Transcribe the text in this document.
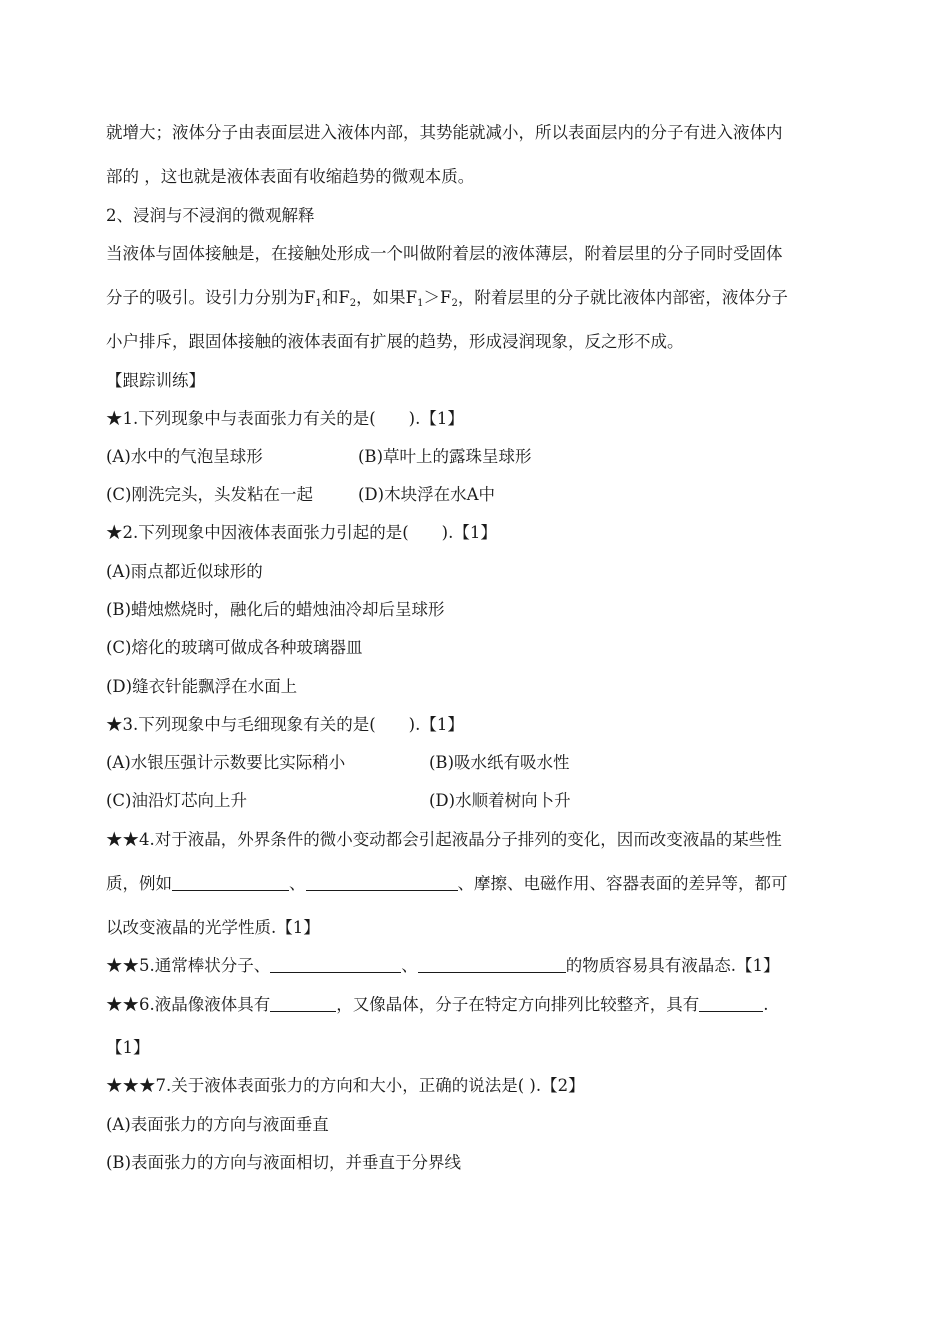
就增大；液体分子由表面层进入液体内部，其势能就减小，所以表面层内的分子有进入液体内
部的 ，这也就是液体表面有收缩趋势的微观本质。
2、浸润与不浸润的微观解释
当液体与固体接触是，在接触处形成一个叫做附着层的液体薄层，附着层里的分子同时受固体
分子的吸引。设引力分别为$F_1$和$F_2$，如果$F_1>F_2$，附着层里的分子就比液体内部密，液体分子
小户排斥，跟固体接触的液体表面有扩展的趋势，形成浸润现象，反之形不成。
【跟踪训练】
★1.下列现象中与表面张力有关的是(　　).【1】
(A)水中的气泡呈球形	(B)草叶上的露珠呈球形
(C)刚洗完头，头发粘在一起	(D)木块浮在水A中
★2.下列现象中因液体表面张力引起的是(　　).【1】
(A)雨点都近似球形的
(B)蜡烛燃烧时，融化后的蜡烛油冷却后呈球形
(C)熔化的玻璃可做成各种玻璃器皿
(D)缝衣针能飘浮在水面上
★3.下列现象中与毛细现象有关的是(　　).【1】
(A)水银压强计示数要比实际稍小	(B)吸水纸有吸水性
(C)油沿灯芯向上升	(D)水顺着树向卜升
★★4.对于液晶，外界条件的微小变动都会引起液晶分子排列的变化，因而改变液晶的某些性
质，例如	、	、摩擦、电磁作用、容器表面的差异等，都可
以改变液晶的光学性质.【1】
★★5.通常棒状分子、	、	的物质容易具有液晶态.【1】
★★6.液晶像液体具有	，又像晶体，分子在特定方向排列比较整齐，具有	.
【1】
★★★7.关于液体表面张力的方向和大小，正确的说法是( ).【2】
(A)表面张力的方向与液面垂直
(B)表面张力的方向与液面相切，并垂直于分界线
